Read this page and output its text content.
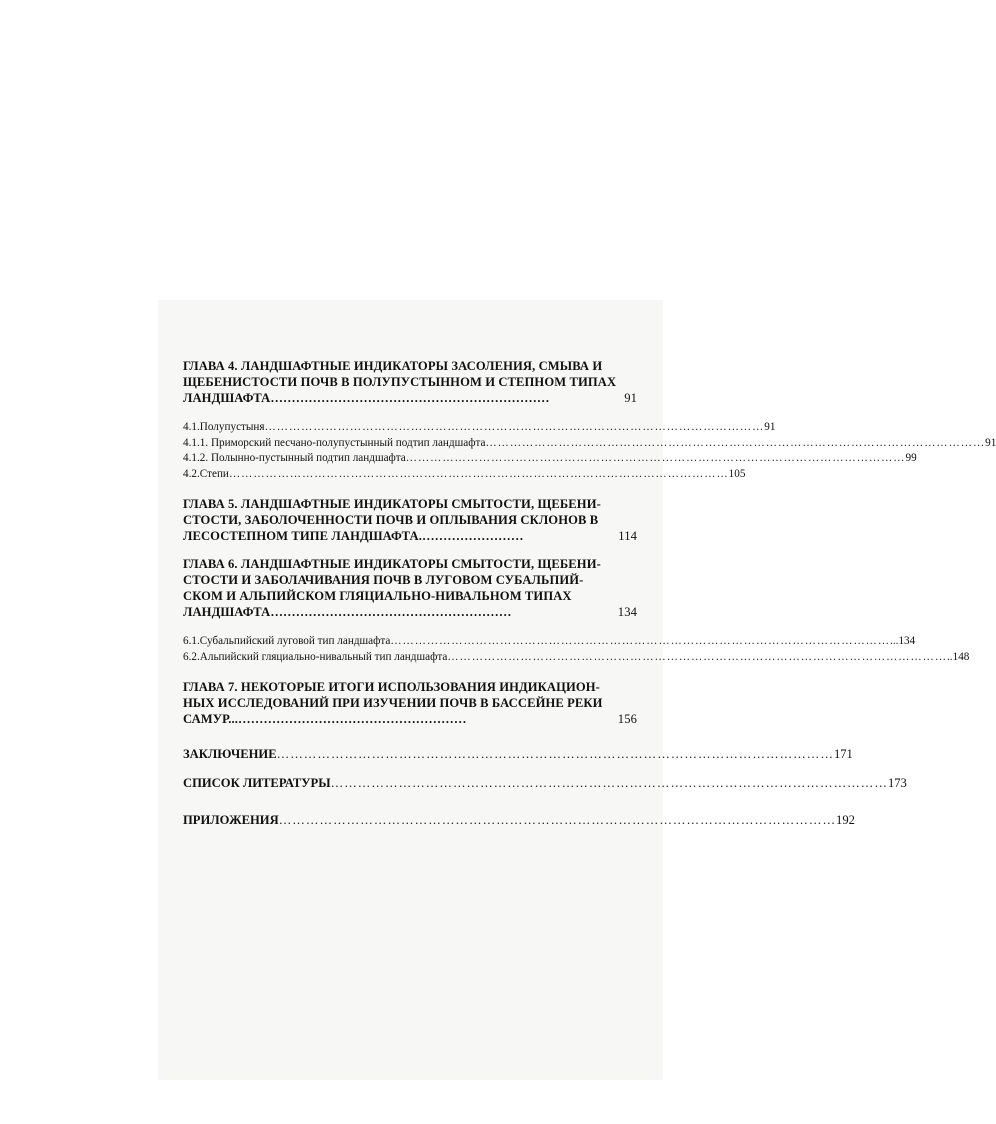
ГЛАВА 4. ЛАНДШАФТНЫЕ ИНДИКАТОРЫ ЗАСОЛЕНИЯ, СМЫВА И
ЩЕБЕНИСТОСТИ ПОЧВ В ПОЛУПУСТЫННОМ И СТЕПНОМ ТИПАХ
ЛАНДШАФТА…………………………………………………………	91
4.1.Полупустыня …………………………………………………………………………………………………………… 91
4.1.1. Приморский песчано-полупустынный подтип ландшафта …………………………………………………………………………………………………………… 91
4.1.2. Полынно-пустынный подтип ландшафта …………………………………………………………………………………………………………… 99
4.2.Степи …………………………………………………………………………………………………………… 105
ГЛАВА 5. ЛАНДШАФТНЫЕ ИНДИКАТОРЫ СМЫТОСТИ, ЩЕБЕНИ-
СТОСТИ, ЗАБОЛОЧЕННОСТИ ПОЧВ И ОПЛЫВАНИЯ СКЛОНОВ В
ЛЕСОСТЕПНОМ ТИПЕ ЛАНДШАФТА.……………………	114
ГЛАВА 6. ЛАНДШАФТНЫЕ ИНДИКАТОРЫ СМЫТОСТИ, ЩЕБЕНИ-
СТОСТИ И ЗАБОЛАЧИВАНИЯ ПОЧВ В ЛУГОВОМ СУБАЛЬПИЙ-
СКОМ И АЛЬПИЙСКОМ ГЛЯЦИАЛЬНО-НИВАЛЬНОМ ТИПАХ
ЛАНДШАФТА…………………………………………………	134
6.1.Субальпийский луговой тип ландшафта …………………………………………………………………………………………………………… ...134
6.2.Альпийский гляциально-нивальный тип ландшафта …………………………………………………………………………………………………………… ..148
ГЛАВА 7. НЕКОТОРЫЕ ИТОГИ ИСПОЛЬЗОВАНИЯ ИНДИКАЦИОН-
НЫХ ИССЛЕДОВАНИЙ ПРИ ИЗУЧЕНИИ ПОЧВ В БАССЕЙНЕ РЕКИ
САМУР...………………………………………………	156
ЗАКЛЮЧЕНИЕ …………………………………………………………………………………………………………… 171
СПИСОК ЛИТЕРАТУРЫ …………………………………………………………………………………………………………… 173
ПРИЛОЖЕНИЯ …………………………………………………………………………………………………………… 192
